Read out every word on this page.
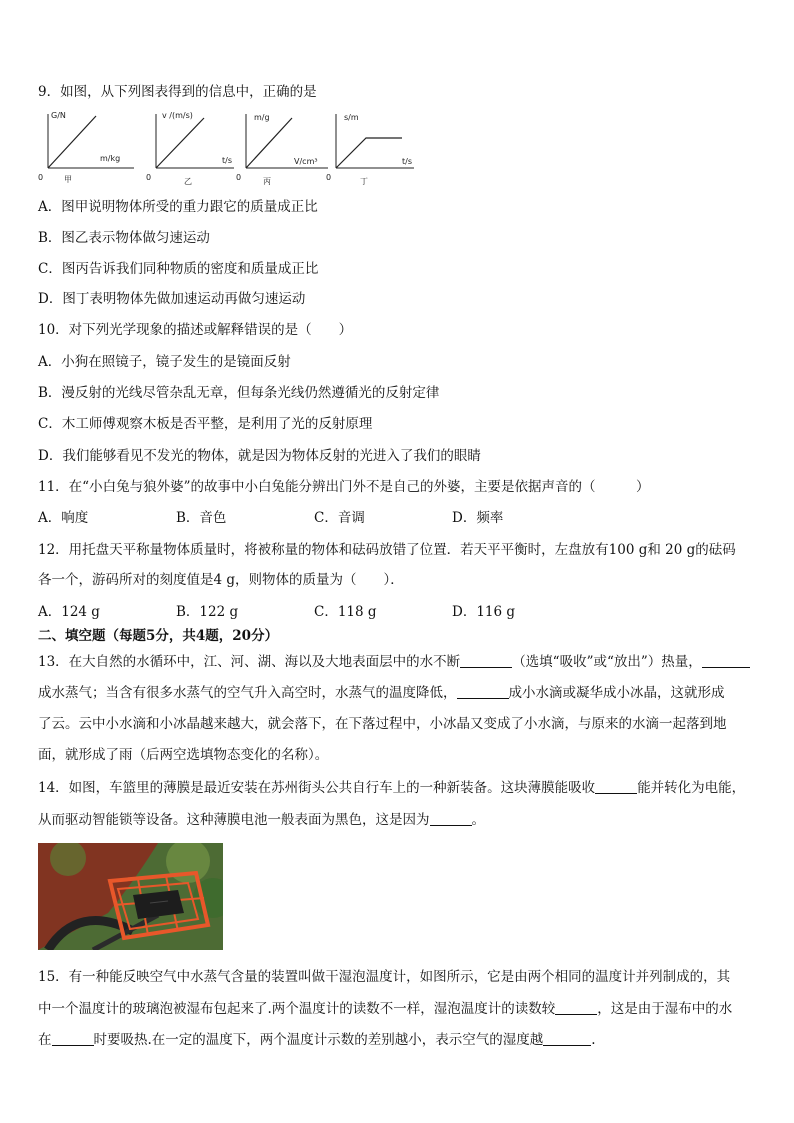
9．如图，从下列图表得到的信息中，正确的是
G/N
m/kg
0	甲
v /(m/s)
t/s
0	乙
m/g
V/cm³
0	丙
s/m
t/s
0	丁
A．图甲说明物体所受的重力跟它的质量成正比
B．图乙表示物体做匀速运动
C．图丙告诉我们同种物质的密度和质量成正比
D．图丁表明物体先做加速运动再做匀速运动
10．对下列光学现象的描述或解释错误的是（　　）
A．小狗在照镜子，镜子发生的是镜面反射
B．漫反射的光线尽管杂乱无章，但每条光线仍然遵循光的反射定律
C．木工师傅观察木板是否平整，是利用了光的反射原理
D．我们能够看见不发光的物体，就是因为物体反射的光进入了我们的眼睛
11．在“小白兔与狼外婆”的故事中小白兔能分辨出门外不是自己的外婆，主要是依据声音的（　　　）
A．响度	B．音色	C．音调	D．频率
12．用托盘天平称量物体质量时，将被称量的物体和砝码放错了位置．若天平平衡时，左盘放有100 g和 20 g的砝码
各一个，游码所对的刻度值是4 g，则物体的质量为（　　）．
A．124 g	B．122 g	C．118 g	D．116 g
二、填空题（每题5分，共4题，20分）
13．在大自然的水循环中，江、河、湖、海以及大地表面层中的水不断	（选填“吸收”或“放出”）热量，
成水蒸气；当含有很多水蒸气的空气升入高空时，水蒸气的温度降低，	成小水滴或凝华成小冰晶，这就形成
了云。云中小水滴和小冰晶越来越大，就会落下，在下落过程中，小冰晶又变成了小水滴，与原来的水滴一起落到地
面，就形成了雨（后两空选填物态变化的名称）。
14．如图，车篮里的薄膜是最近安装在苏州街头公共自行车上的一种新装备。这块薄膜能吸收	能并转化为电能，
从而驱动智能锁等设备。这种薄膜电池一般表面为黑色，这是因为	。
15．有一种能反映空气中水蒸气含量的装置叫做干湿泡温度计，如图所示，它是由两个相同的温度计并列制成的，其
中一个温度计的玻璃泡被湿布包起来了.两个温度计的读数不一样，湿泡温度计的读数较	，这是由于湿布中的水
在	时要吸热.在一定的温度下，两个温度计示数的差别越小，表示空气的湿度越	.
